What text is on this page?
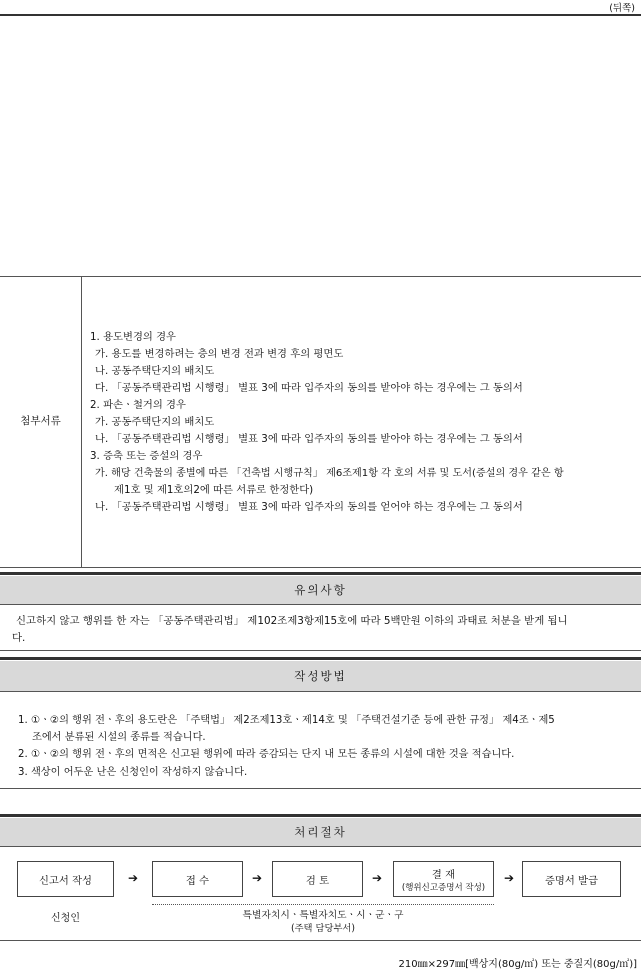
(뒤쪽)
첨부서류
1. 용도변경의 경우
가. 용도를 변경하려는 층의 변경 전과 변경 후의 평면도
나. 공동주택단지의 배치도
다. 「공동주택관리법 시행령」 별표 3에 따라 입주자의 동의를 받아야 하는 경우에는 그 동의서
2. 파손ㆍ철거의 경우
가. 공동주택단지의 배치도
나. 「공동주택관리법 시행령」 별표 3에 따라 입주자의 동의를 받아야 하는 경우에는 그 동의서
3. 증축 또는 증설의 경우
가. 해당 건축물의 종별에 따른 「건축법 시행규칙」 제6조제1항 각 호의 서류 및 도서(증설의 경우 같은 항
제1호 및 제1호의2에 따른 서류로 한정한다)
나. 「공동주택관리법 시행령」 별표 3에 따라 입주자의 동의를 얻어야 하는 경우에는 그 동의서
유의사항
신고하지 않고 행위를 한 자는 「공동주택관리법」 제102조제3항제15호에 따라 5백만원 이하의 과태료 처분을 받게 됩니
다.
작성방법
1. ①ㆍ②의 행위 전ㆍ후의 용도란은 「주택법」 제2조제13호ㆍ제14호 및 「주택건설기준 등에 관한 규정」 제4조ㆍ제5
조에서 분류된 시설의 종류를 적습니다.
2. ①ㆍ②의 행위 전ㆍ후의 면적은 신고된 행위에 따라 증감되는 단지 내 모든 종류의 시설에 대한 것을 적습니다.
3. 색상이 어두운 난은 신청인이 작성하지 않습니다.
처리절차
신고서 작성	➔	접 수	➔	검 토	➔	결 재
(행위신고증명서 작성)
➔	증명서 발급
신청인	특별자치시ㆍ특별자치도ㆍ시ㆍ군ㆍ구
(주택 담당부서)
210㎜×297㎜[백상지(80g/㎡) 또는 중질지(80g/㎡)]
